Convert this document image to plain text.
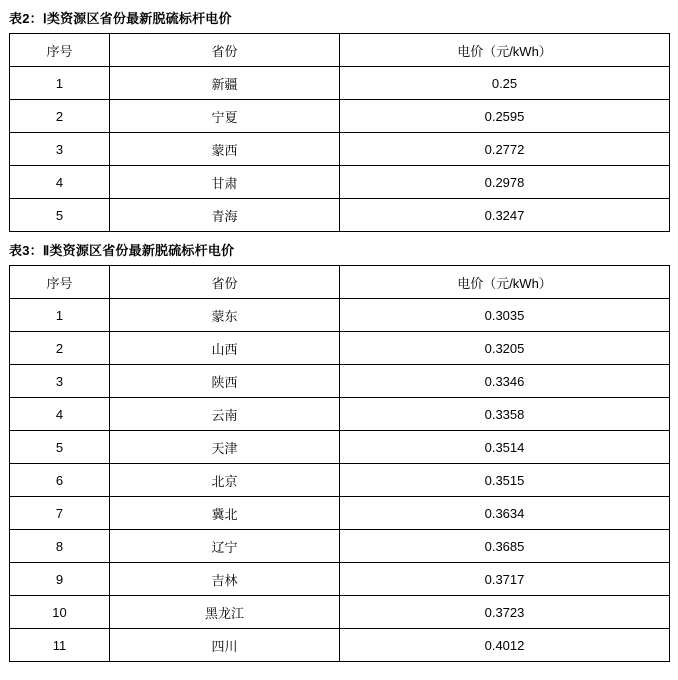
表2：Ⅰ类资源区省份最新脱硫标杆电价
序号	省份	电价（元/kWh）
1	新疆	0.25
2	宁夏	0.2595
3	蒙西	0.2772
4	甘肃	0.2978
5	青海	0.3247
表3：Ⅱ类资源区省份最新脱硫标杆电价
序号	省份	电价（元/kWh）
1	蒙东	0.3035
2	山西	0.3205
3	陕西	0.3346
4	云南	0.3358
5	天津	0.3514
6	北京	0.3515
7	冀北	0.3634
8	辽宁	0.3685
9	吉林	0.3717
10	黑龙江	0.3723
11	四川	0.4012
